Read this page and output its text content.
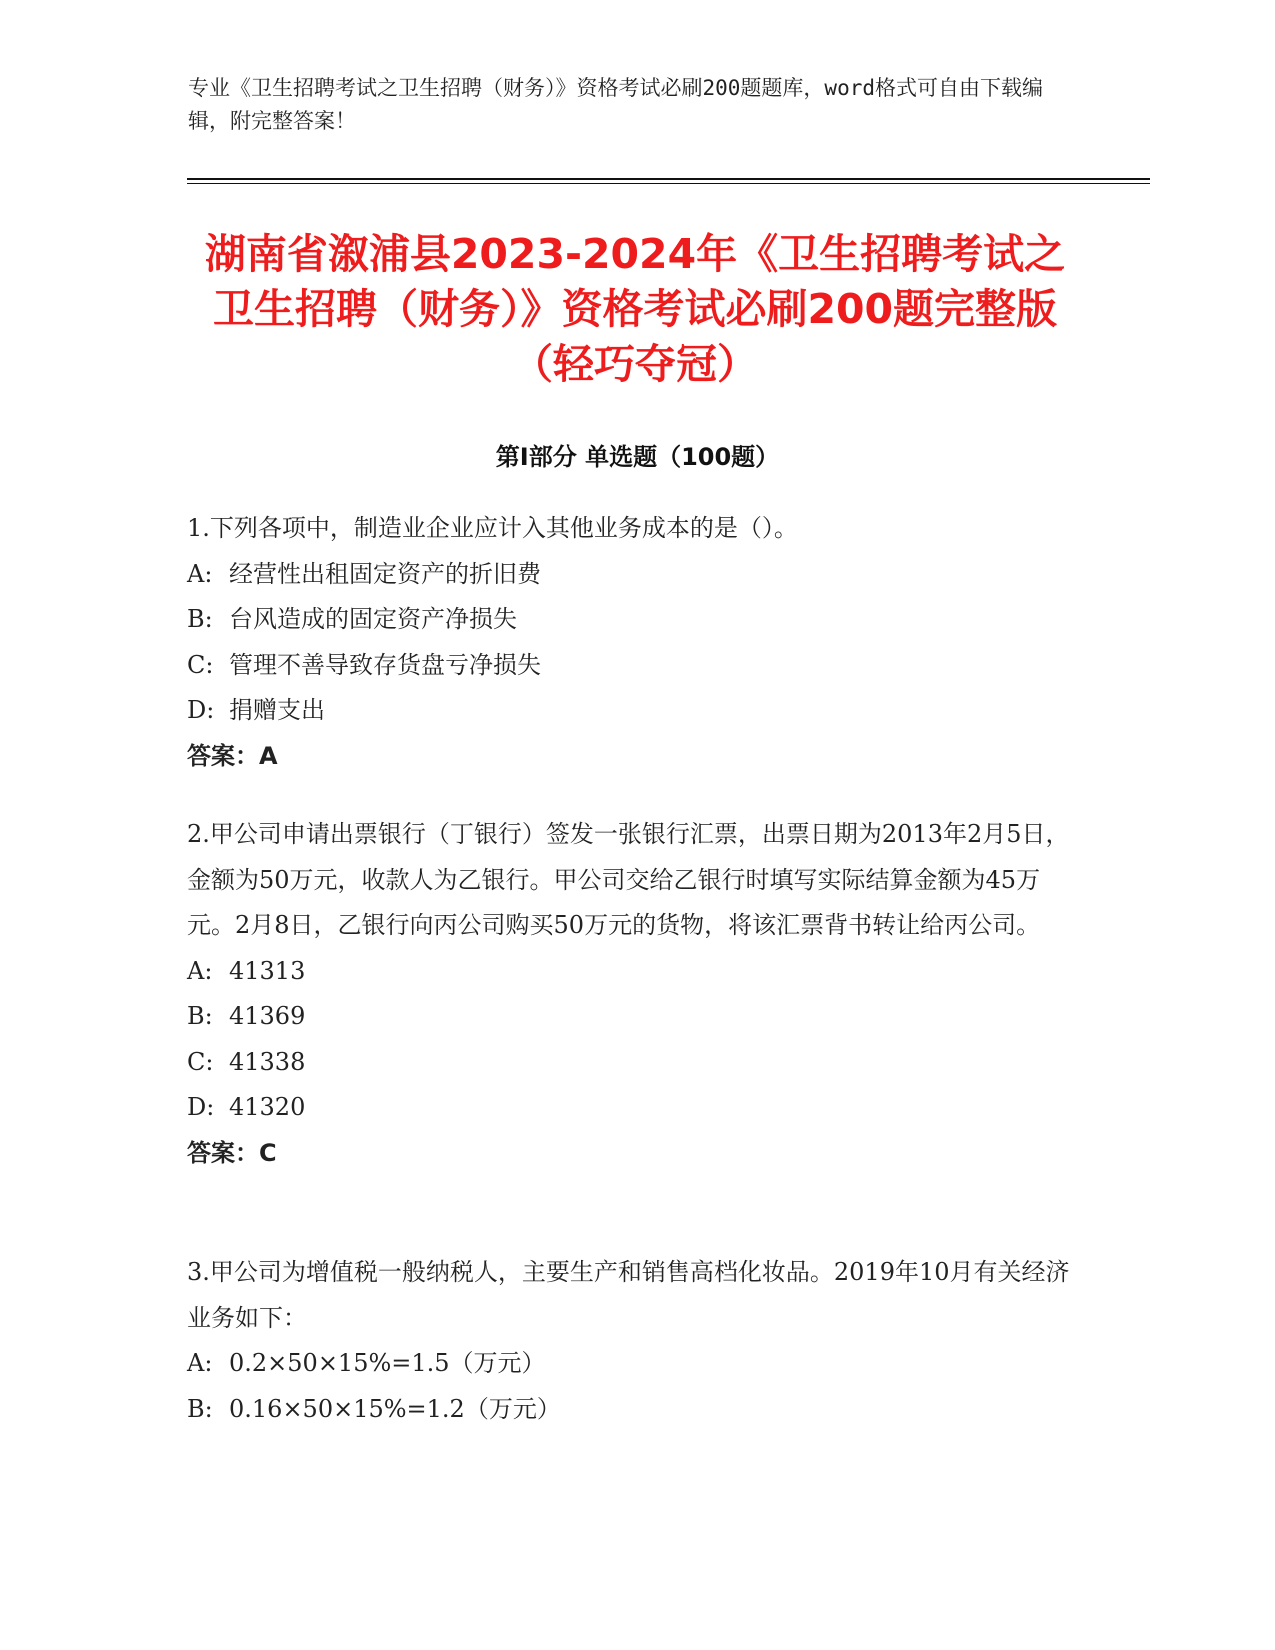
专业《卫生招聘考试之卫生招聘（财务）》资格考试必刷200题题库，word格式可自由下载编辑，附完整答案！
湖南省溆浦县2023-2024年《卫生招聘考试之卫生招聘（财务）》资格考试必刷200题完整版（轻巧夺冠）
第Ⅰ部分 单选题（100题）

1.下列各项中，制造业企业应计入其他业务成本的是（）。

A: 经营性出租固定资产的折旧费

B: 台风造成的固定资产净损失

C: 管理不善导致存货盘亏净损失

D: 捐赠支出

答案：A

2.甲公司申请出票银行（丁银行）签发一张银行汇票，出票日期为2013年2月5日，金额为50万元，收款人为乙银行。甲公司交给乙银行时填写实际结算金额为45万元。2月8日，乙银行向丙公司购买50万元的货物，将该汇票背书转让给丙公司。

A: 41313

B: 41369

C: 41338

D: 41320

答案：C

3.甲公司为增值税一般纳税人，主要生产和销售高档化妆品。2019年10月有关经济业务如下：

A: 0.2×50×15%=1.5（万元）

B: 0.16×50×15%=1.2（万元）
